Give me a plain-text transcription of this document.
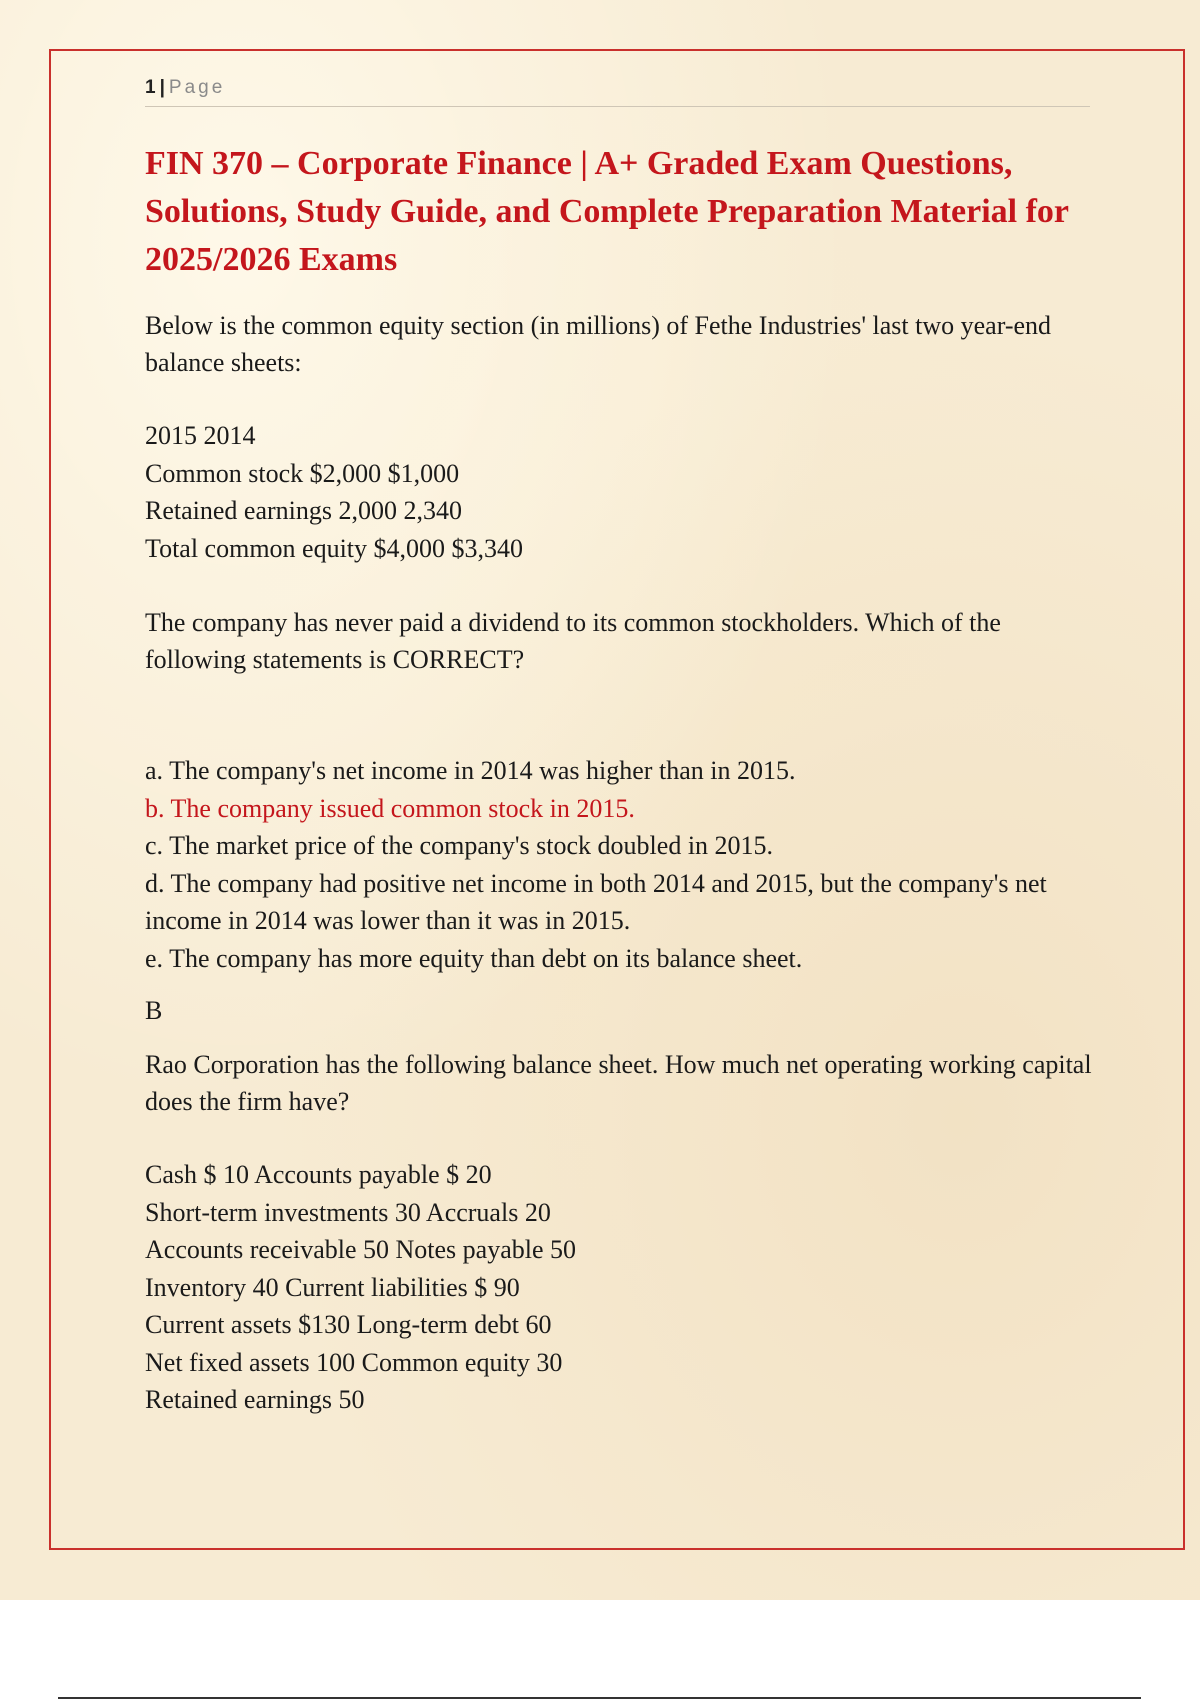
1 | Page
FIN 370 – Corporate Finance | A+ Graded Exam Questions, Solutions, Study Guide, and Complete Preparation Material for 2025/2026 Exams

Below is the common equity section (in millions) of Fethe Industries' last two year-end balance sheets:

2015 2014
Common stock $2,000 $1,000
Retained earnings 2,000 2,340
Total common equity $4,000 $3,340

The company has never paid a dividend to its common stockholders. Which of the following statements is CORRECT?

a. The company's net income in 2014 was higher than in 2015.
b. The company issued common stock in 2015.
c. The market price of the company's stock doubled in 2015.
d. The company had positive net income in both 2014 and 2015, but the company's net income in 2014 was lower than it was in 2015.
e. The company has more equity than debt on its balance sheet.

B

Rao Corporation has the following balance sheet. How much net operating working capital does the firm have?

Cash $ 10 Accounts payable $ 20
Short-term investments 30 Accruals 20
Accounts receivable 50 Notes payable 50
Inventory 40 Current liabilities $ 90
Current assets $130 Long-term debt 60
Net fixed assets 100 Common equity 30
Retained earnings 50
